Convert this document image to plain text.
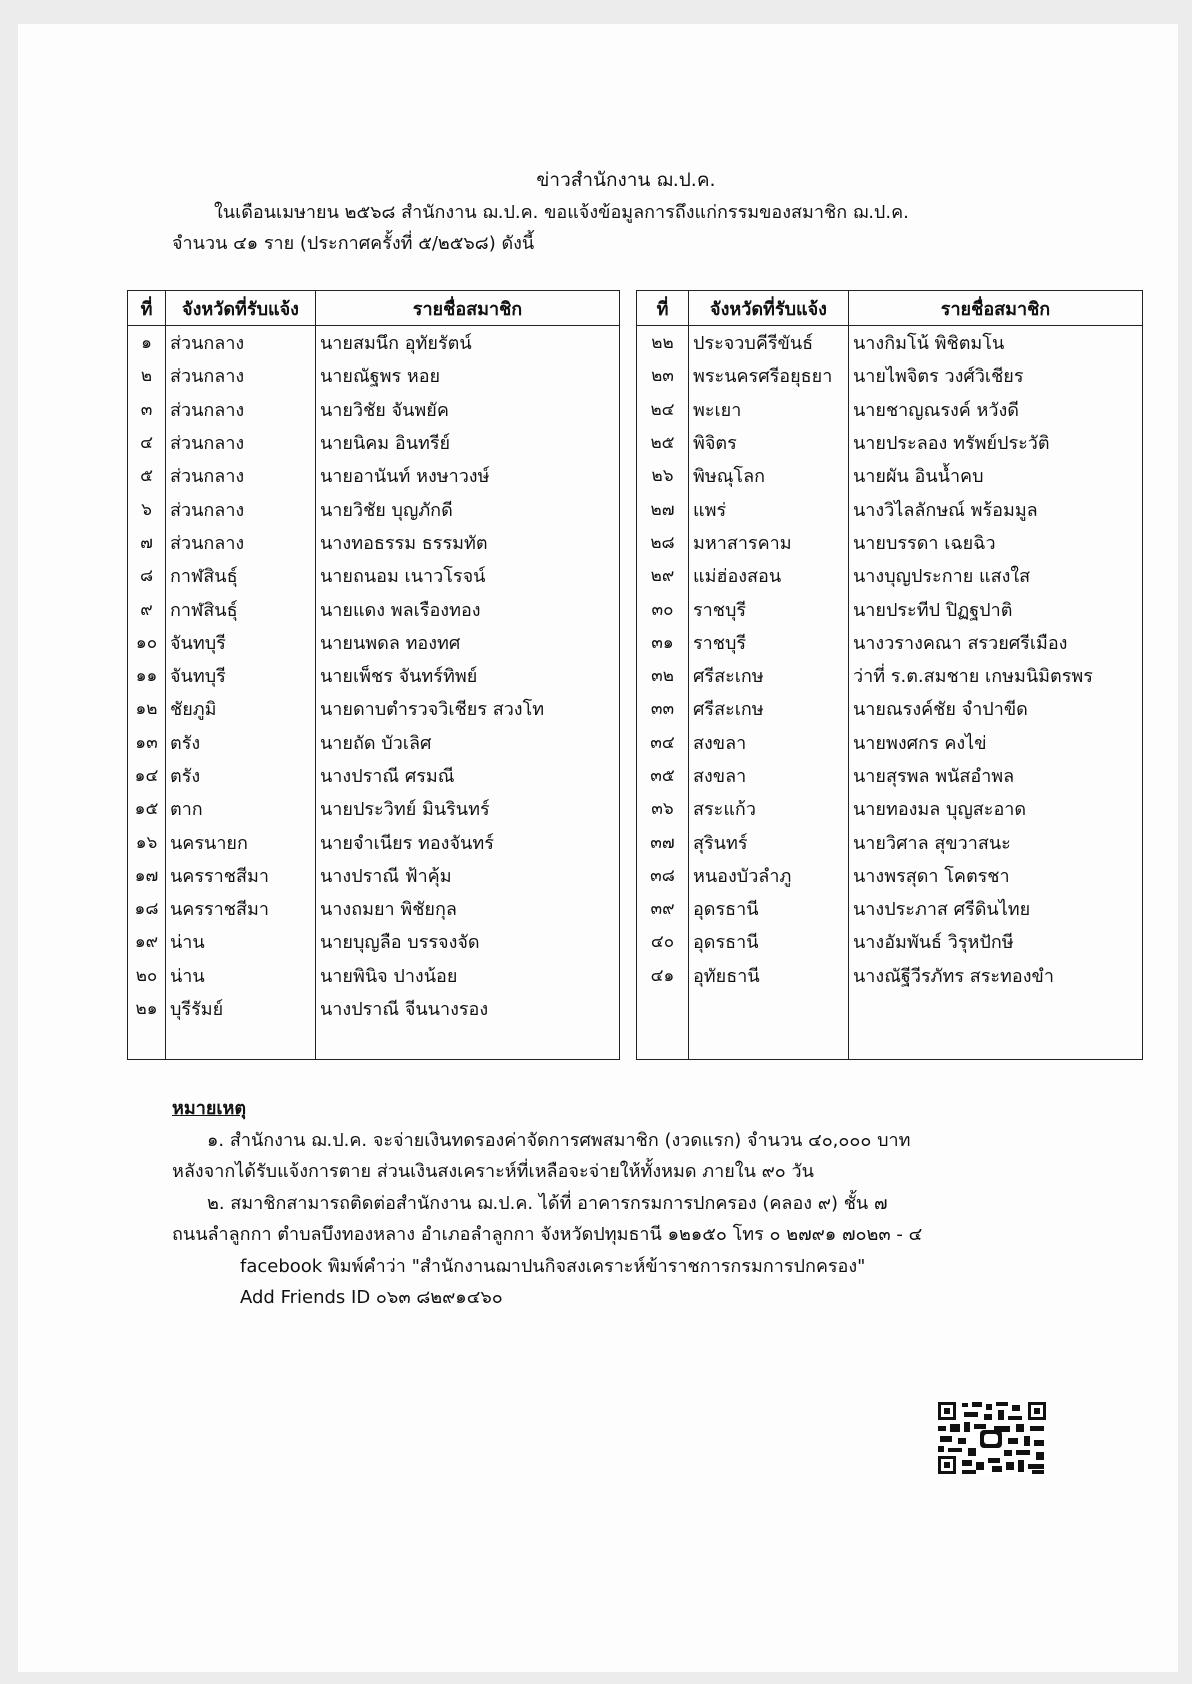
ข่าวสำนักงาน ฌ.ป.ค.
ในเดือนเมษายน ๒๕๖๘ สำนักงาน ฌ.ป.ค. ขอแจ้งข้อมูลการถึงแก่กรรมของสมาชิก ฌ.ป.ค.
จำนวน ๔๑ ราย (ประกาศครั้งที่ ๕/๒๕๖๘) ดังนี้
ที่	จังหวัดที่รับแจ้ง	รายชื่อสมาชิก
๑	ส่วนกลาง	นายสมนึก อุทัยรัตน์
๒	ส่วนกลาง	นายณัฐพร หอย
๓	ส่วนกลาง	นายวิชัย จันพยัค
๔	ส่วนกลาง	นายนิคม อินทรีย์
๕	ส่วนกลาง	นายอานันท์ หงษาวงษ์
๖	ส่วนกลาง	นายวิชัย บุญภักดี
๗	ส่วนกลาง	นางทอธรรม ธรรมทัต
๘	กาฬสินธุ์	นายถนอม เนาวโรจน์
๙	กาฬสินธุ์	นายแดง พลเรืองทอง
๑๐	จันทบุรี	นายนพดล ทองทศ
๑๑	จันทบุรี	นายเพ็ชร จันทร์ทิพย์
๑๒	ชัยภูมิ	นายดาบตำรวจวิเชียร สวงโท
๑๓	ตรัง	นายถัด บัวเลิศ
๑๔	ตรัง	นางปราณี ศรมณี
๑๕	ตาก	นายประวิทย์ มินรินทร์
๑๖	นครนายก	นายจำเนียร ทองจันทร์
๑๗	นครราชสีมา	นางปราณี ฟ้าคุ้ม
๑๘	นครราชสีมา	นางถมยา พิชัยกุล
๑๙	น่าน	นายบุญลือ บรรจงจัด
๒๐	น่าน	นายพินิจ ปางน้อย
๒๑	บุรีรัมย์	นางปราณี จีนนางรอง

ที่	จังหวัดที่รับแจ้ง	รายชื่อสมาชิก
๒๒	ประจวบคีรีขันธ์	นางกิมโน้ พิชิตมโน
๒๓	พระนครศรีอยุธยา	นายไพจิตร วงศ์วิเชียร
๒๔	พะเยา	นายชาญณรงค์ หวังดี
๒๕	พิจิตร	นายประลอง ทรัพย์ประวัติ
๒๖	พิษณุโลก	นายผัน อินน้ำคบ
๒๗	แพร่	นางวิไลลักษณ์ พร้อมมูล
๒๘	มหาสารคาม	นายบรรดา เฉยฉิว
๒๙	แม่ฮ่องสอน	นางบุญประกาย แสงใส
๓๐	ราชบุรี	นายประทีป ปิฏฐปาติ
๓๑	ราชบุรี	นางวรางคณา สรวยศรีเมือง
๓๒	ศรีสะเกษ	ว่าที่ ร.ต.สมชาย เกษมนิมิตรพร
๓๓	ศรีสะเกษ	นายณรงค์ชัย จำปาขีด
๓๔	สงขลา	นายพงศกร คงไข่
๓๕	สงขลา	นายสุรพล พนัสอำพล
๓๖	สระแก้ว	นายทองมล บุญสะอาด
๓๗	สุรินทร์	นายวิศาล สุขวาสนะ
๓๘	หนองบัวลำภู	นางพรสุดา โคตรชา
๓๙	อุดรธานี	นางประภาส ศรีดินไทย
๔๐	อุดรธานี	นางอัมพันธ์ วิรุหปักษี
๔๑	อุทัยธานี	นางณัฐีวีรภัทร สระทองขำ

หมายเหตุ
๑. สำนักงาน ฌ.ป.ค. จะจ่ายเงินทดรองค่าจัดการศพสมาชิก (งวดแรก) จำนวน ๔๐,๐๐๐ บาท
หลังจากได้รับแจ้งการตาย ส่วนเงินสงเคราะห์ที่เหลือจะจ่ายให้ทั้งหมด ภายใน ๙๐ วัน
๒. สมาชิกสามารถติดต่อสำนักงาน ฌ.ป.ค. ได้ที่ อาคารกรมการปกครอง (คลอง ๙) ชั้น ๗
ถนนลำลูกกา ตำบลบึงทองหลาง อำเภอลำลูกกา จังหวัดปทุมธานี ๑๒๑๕๐ โทร ๐ ๒๗๙๑ ๗๐๒๓ - ๔
facebook พิมพ์คำว่า "สำนักงานฌาปนกิจสงเคราะห์ข้าราชการกรมการปกครอง"
Add Friends ID ๐๖๓ ๘๒๙๑๔๖๐
